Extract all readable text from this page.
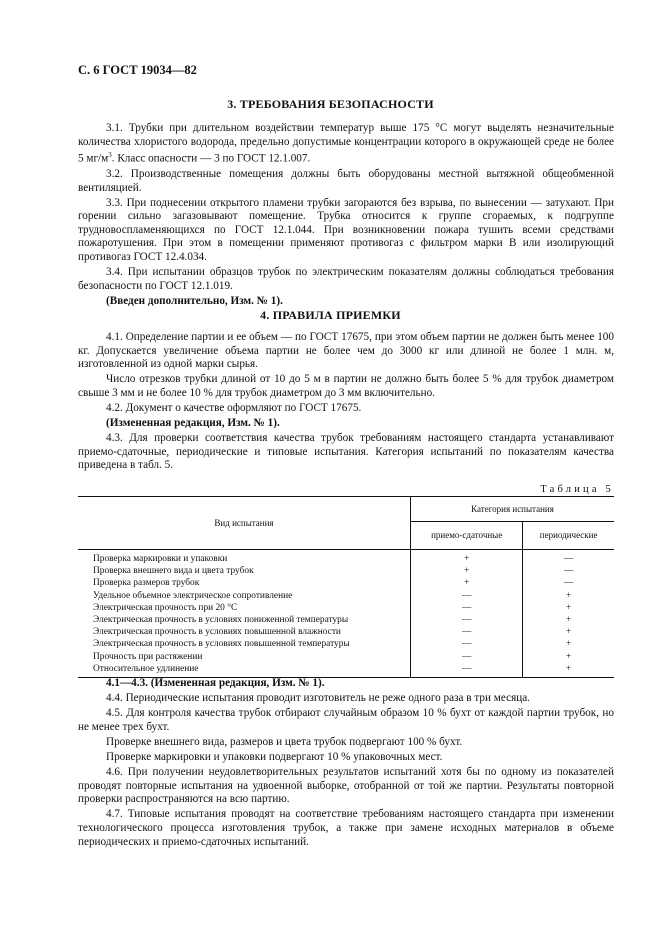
С. 6 ГОСТ 19034—82
3. ТРЕБОВАНИЯ БЕЗОПАСНОСТИ

3.1. Трубки при длительном воздействии температур выше 175 °С могут выделять незначительные количества хлористого водорода, предельно допустимые концентрации которого в окружающей среде не более 5 $мг/м^3$. Класс опасности — 3 по ГОСТ 12.1.007.

3.2. Производственные помещения должны быть оборудованы местной вытяжной общеобменной вентиляцией.

3.3. При поднесении открытого пламени трубки загораются без взрыва, по вынесении — затухают. При горении сильно загазовывают помещение. Трубка относится к группе сгораемых, к подгруппе трудновоспламеняющихся по ГОСТ 12.1.044. При возникновении пожара тушить всеми средствами пожаротушения. При этом в помещении применяют противогаз с фильтром марки В или изолирующий противогаз ГОСТ 12.4.034.

3.4. При испытании образцов трубок по электрическим показателям должны соблюдаться требования безопасности по ГОСТ 12.1.019.

(Введен дополнительно, Изм. № 1).

4. ПРАВИЛА ПРИЕМКИ

4.1. Определение партии и ее объем — по ГОСТ 17675, при этом объем партии не должен быть менее 100 кг. Допускается увеличение объема партии не более чем до 3000 кг или длиной не более 1 млн. м, изготовленной из одной марки сырья.

Число отрезков трубки длиной от 10 до 5 м в партии не должно быть более 5 % для трубок диаметром свыше 3 мм и не более 10 % для трубок диаметром до 3 мм включительно.

4.2. Документ о качестве оформляют по ГОСТ 17675.

(Измененная редакция, Изм. № 1).

4.3. Для проверки соответствия качества трубок требованиям настоящего стандарта устанавливают приемо-сдаточные, периодические и типовые испытания. Категория испытаний по показателям качества приведена в табл. 5.

Таблица 5
Вид испытания	Категория испытания	
	приемо-сдаточные	периодические
Проверка маркировки и упаковки	+	—
Проверка внешнего вида и цвета трубок	+	—
Проверка размеров трубок	+	—
Удельное объемное электрическое сопротивление	—	+
Электрическая прочность при 20 °С	—	+
Электрическая прочность в условиях пониженной температуры	—	+
Электрическая прочность в условиях повышенной влажности	—	+
Электрическая прочность в условиях повышенной температуры	—	+
Прочность при растяжении	—	+
Относительное удлинение	—	+

4.1—4.3. (Измененная редакция, Изм. № 1).

4.4. Периодические испытания проводит изготовитель не реже одного раза в три месяца.

4.5. Для контроля качества трубок отбирают случайным образом 10 % бухт от каждой партии трубок, но не менее трех бухт.

Проверке внешнего вида, размеров и цвета трубок подвергают 100 % бухт.

Проверке маркировки и упаковки подвергают 10 % упаковочных мест.

4.6. При получении неудовлетворительных результатов испытаний хотя бы по одному из показателей проводят повторные испытания на удвоенной выборке, отобранной от той же партии. Результаты повторной проверки распространяются на всю партию.

4.7. Типовые испытания проводят на соответствие требованиям настоящего стандарта при изменении технологического процесса изготовления трубок, а также при замене исходных материалов в объеме периодических и приемо-сдаточных испытаний.
